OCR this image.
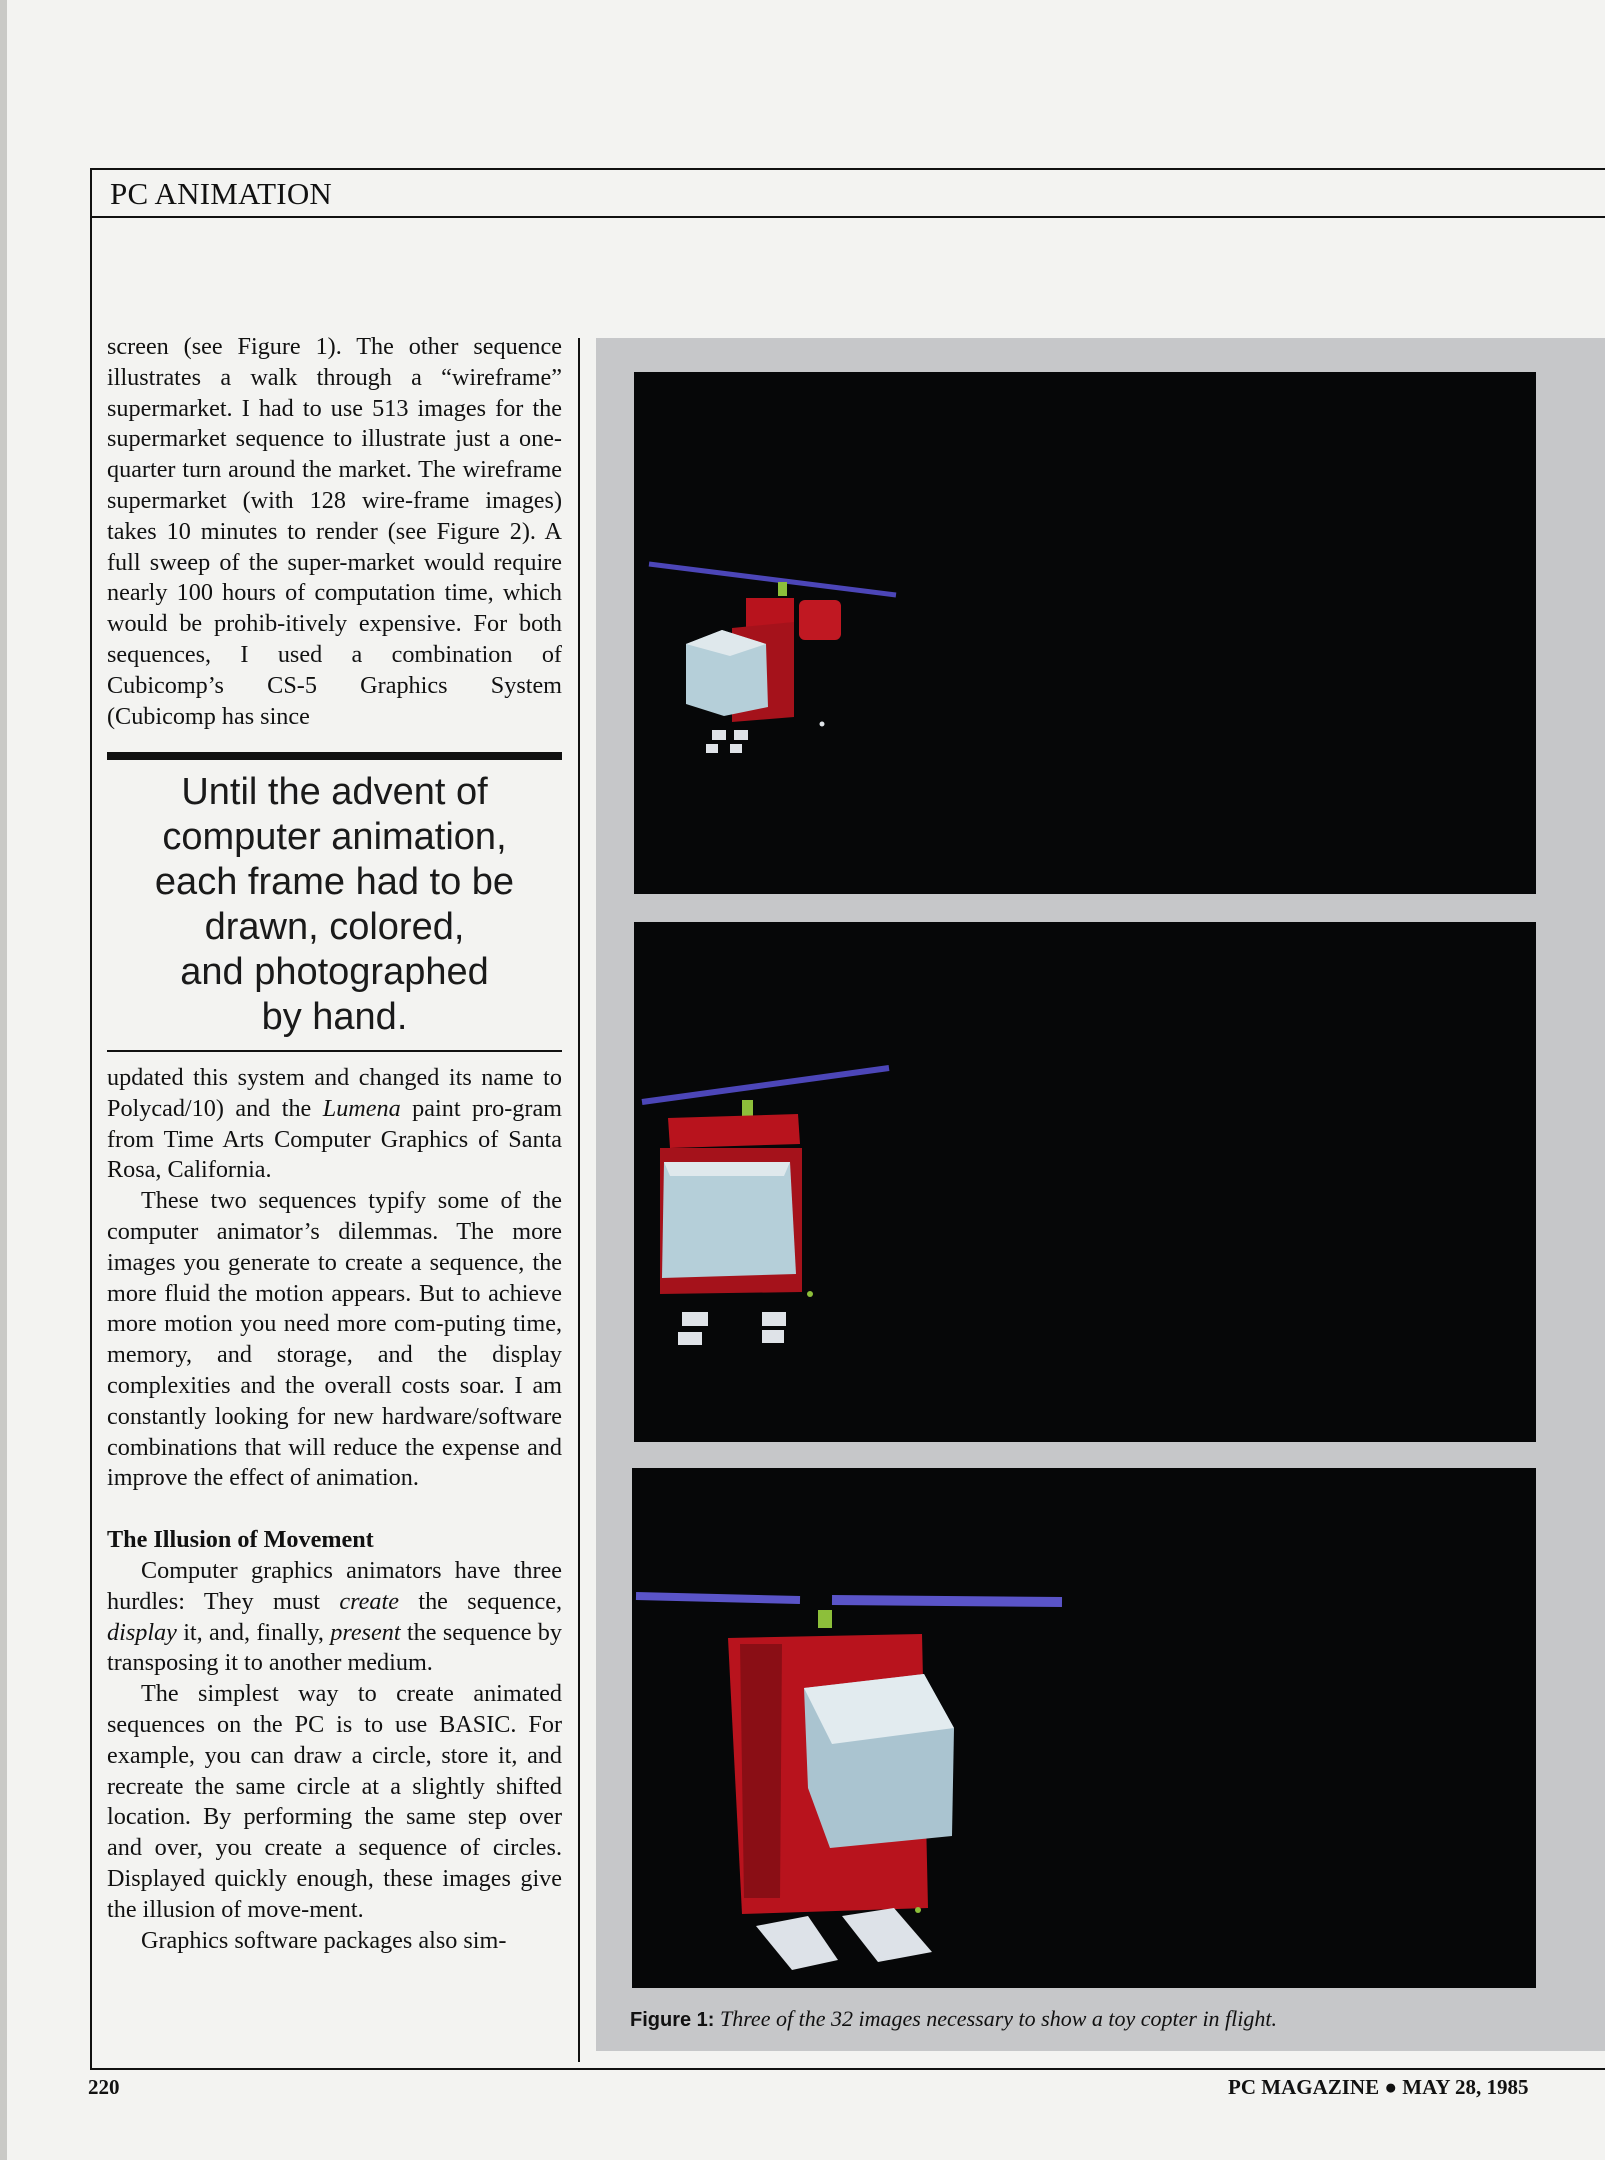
PC ANIMATION

screen (see Figure 1). The other sequence illustrates a walk through a “wireframe” supermarket. I had to use 513 images for the supermarket sequence to illustrate just a one-quarter turn around the market. The wireframe supermarket (with 128 wire-frame images) takes 10 minutes to render (see Figure 2). A full sweep of the super-market would require nearly 100 hours of computation time, which would be prohib-itively expensive. For both sequences, I used a combination of Cubicomp’s CS-5 Graphics System (Cubicomp has since

Until the advent of
computer animation,
each frame had to be
drawn, colored,
and photographed
by hand.

updated this system and changed its name to Polycad/10) and the Lumena paint pro-gram from Time Arts Computer Graphics of Santa Rosa, California.

These two sequences typify some of the computer animator’s dilemmas. The more images you generate to create a sequence, the more fluid the motion appears. But to achieve more motion you need more com-puting time, memory, and storage, and the display complexities and the overall costs soar. I am constantly looking for new hardware/software combinations that will reduce the expense and improve the effect of animation.

The Illusion of Movement

Computer graphics animators have three hurdles: They must create the sequence, display it, and, finally, present the sequence by transposing it to another medium.

The simplest way to create animated sequences on the PC is to use BASIC. For example, you can draw a circle, store it, and recreate the same circle at a slightly shifted location. By performing the same step over and over, you create a sequence of circles. Displayed quickly enough, these images give the illusion of move-ment.

Graphics software packages also sim-

Figure 1: Three of the 32 images necessary to show a toy copter in flight.
220	PC MAGAZINE ● MAY 28, 1985
